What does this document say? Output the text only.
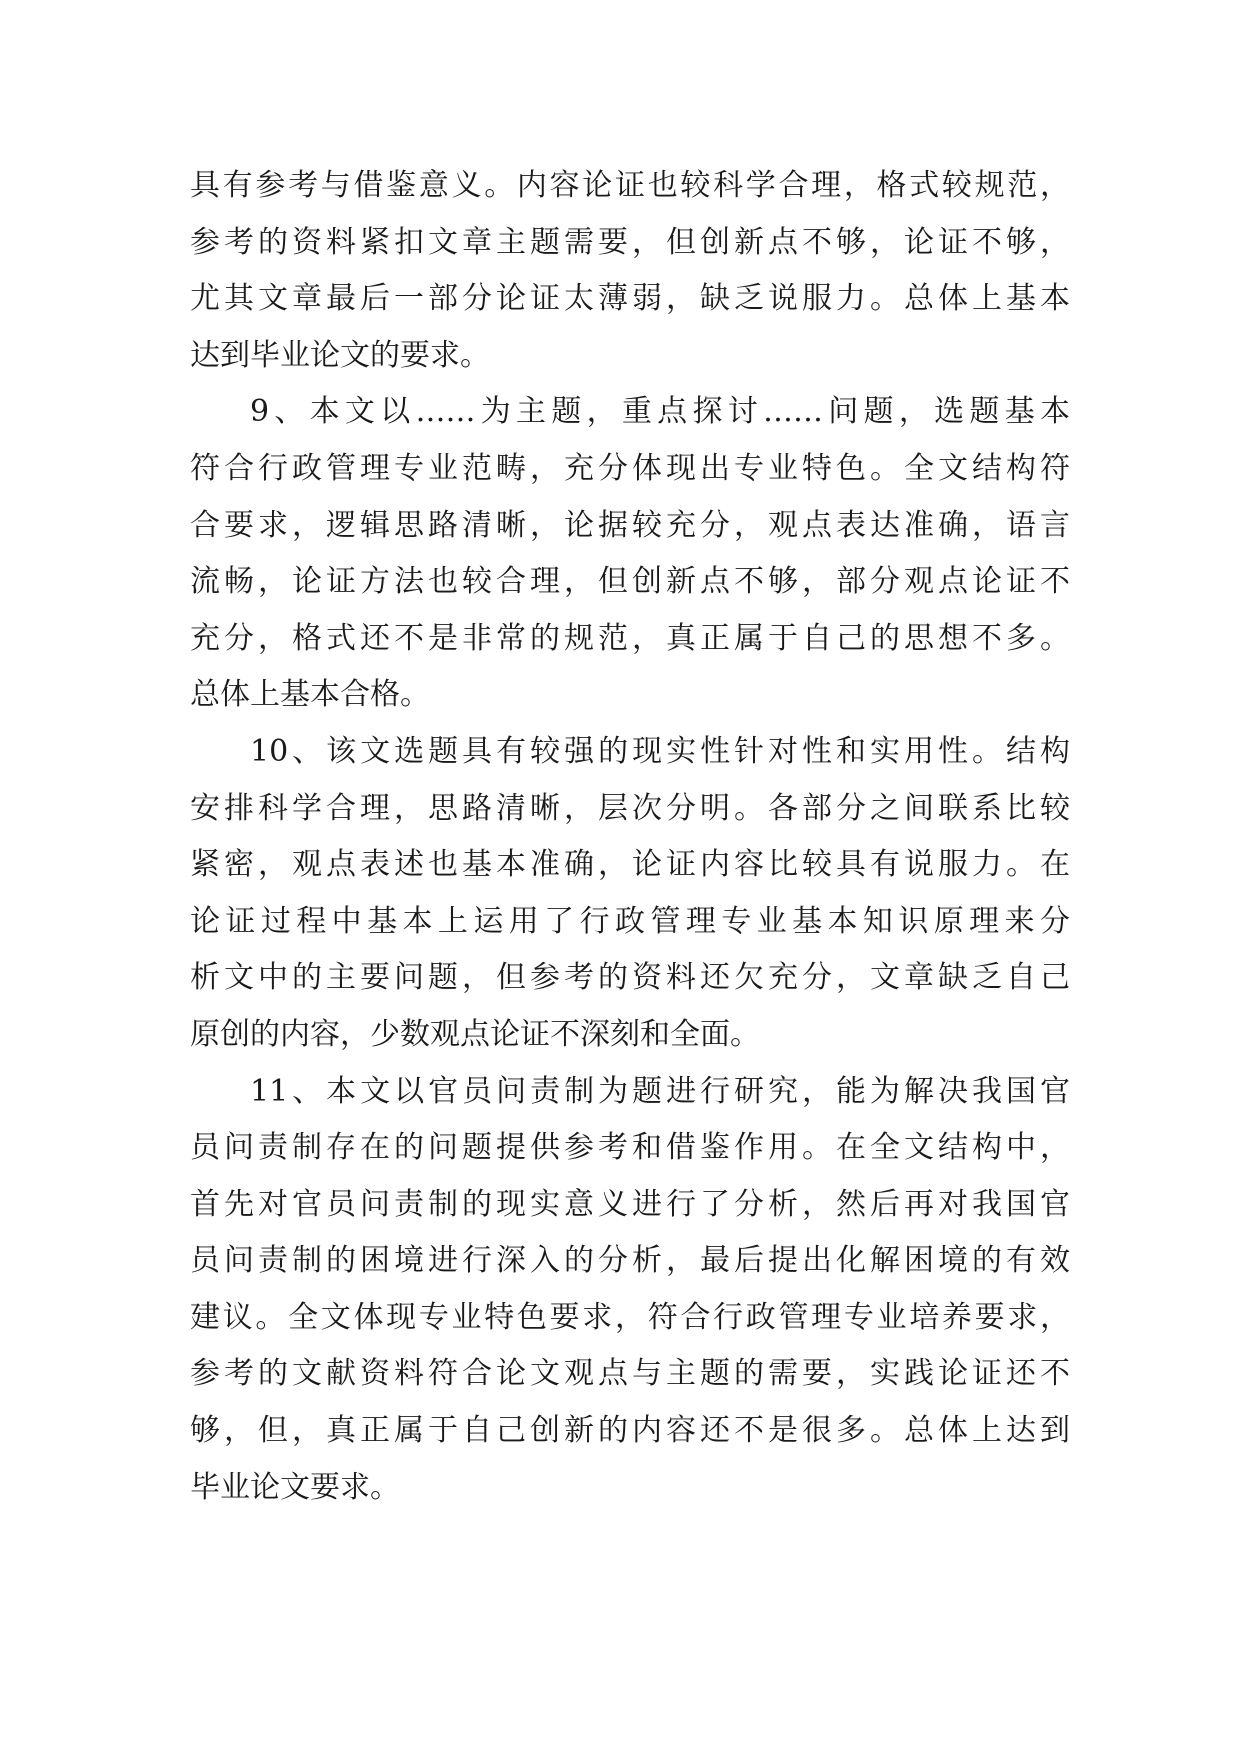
具有参考与借鉴意义。内容论证也较科学合理，格式较规范，
参考的资料紧扣文章主题需要，但创新点不够，论证不够，
尤其文章最后一部分论证太薄弱，缺乏说服力。总体上基本
达到毕业论文的要求。
9、本文以……为主题，重点探讨……问题，选题基本
符合行政管理专业范畴，充分体现出专业特色。全文结构符
合要求，逻辑思路清晰，论据较充分，观点表达准确，语言
流畅，论证方法也较合理，但创新点不够，部分观点论证不
充分，格式还不是非常的规范，真正属于自己的思想不多。
总体上基本合格。
10、该文选题具有较强的现实性针对性和实用性。结构
安排科学合理，思路清晰，层次分明。各部分之间联系比较
紧密，观点表述也基本准确，论证内容比较具有说服力。在
论证过程中基本上运用了行政管理专业基本知识原理来分
析文中的主要问题，但参考的资料还欠充分，文章缺乏自己
原创的内容，少数观点论证不深刻和全面。
11、本文以官员问责制为题进行研究，能为解决我国官
员问责制存在的问题提供参考和借鉴作用。在全文结构中，
首先对官员问责制的现实意义进行了分析，然后再对我国官
员问责制的困境进行深入的分析，最后提出化解困境的有效
建议。全文体现专业特色要求，符合行政管理专业培养要求，
参考的文献资料符合论文观点与主题的需要，实践论证还不
够，但，真正属于自己创新的内容还不是很多。总体上达到
毕业论文要求。
